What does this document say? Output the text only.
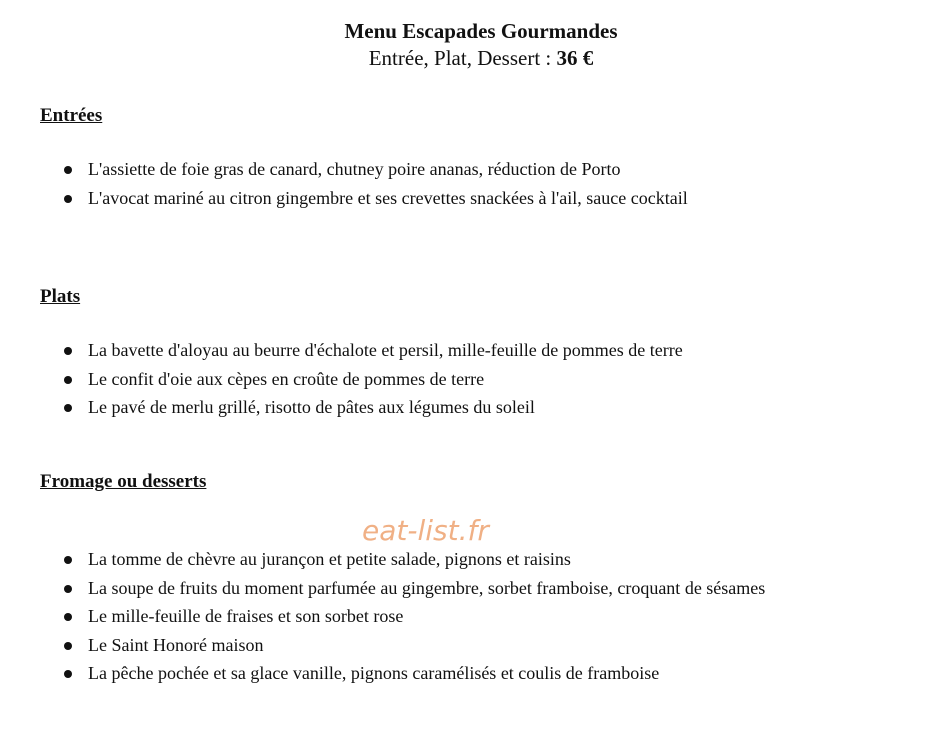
Menu Escapades Gourmandes
Entrée, Plat, Dessert : 36 €
Entrées
L'assiette de foie gras de canard, chutney poire ananas, réduction de Porto
L'avocat mariné au citron gingembre et ses crevettes snackées à l'ail, sauce cocktail
Plats
La bavette d'aloyau au beurre d'échalote et persil, mille-feuille de pommes de terre
Le confit d'oie aux cèpes en croûte de pommes de terre
Le pavé de merlu grillé, risotto de pâtes aux légumes du soleil
Fromage ou desserts
La tomme de chèvre au jurançon et petite salade, pignons et raisins
La soupe de fruits du moment parfumée au gingembre, sorbet framboise, croquant de sésames
Le mille-feuille de fraises et son sorbet rose
Le Saint Honoré maison
La pêche pochée et sa glace vanille, pignons caramélisés et coulis de framboise
eat-list.fr
